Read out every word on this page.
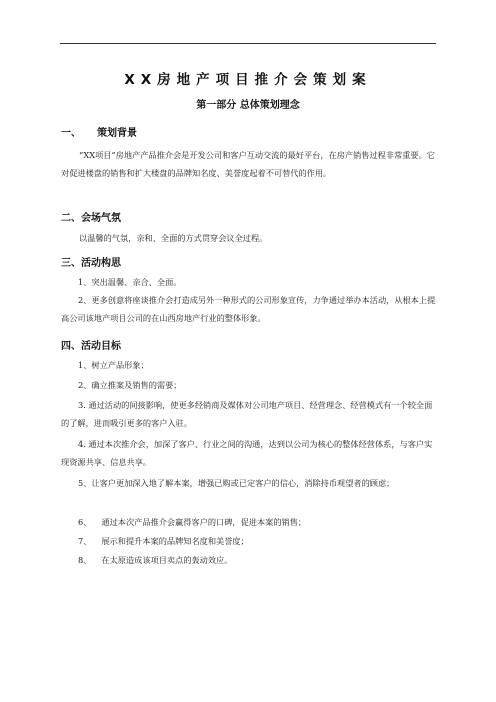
XX房地产项目推介会策划案
第一部分 总体策划理念
一、 策划背景
“XX项目”房地产产品推介会是开发公司和客户互动交流的最好平台，在房产销售过程非常重要。它对促进楼盘的销售和扩大楼盘的品牌知名度、美誉度起着不可替代的作用。
二、会场气氛
以温馨的气氛，亲和、全面的方式贯穿会议全过程。
三、活动构思
1、突出温馨、亲合、全面。
2、更多创意将座谈推介会打造成另外一种形式的公司形象宣传，力争通过举办本活动，从根本上提高公司该地产项目公司的在山西房地产行业的整体形象。
四、活动目标
1、树立产品形象；
2、确立推案及销售的需要；
3. 通过活动的间接影响，使更多经销商及媒体对公司地产项目、经营理念、经营模式有一个较全面的了解，进而吸引更多的客户入驻。
4. 通过本次推介会，加深了客户、行业之间的沟通，达到以公司为核心的整体经营体系，与客户实现资源共享、信息共享。
5、让客户更加深入地了解本案，增强已购或已定客户的信心，消除持币观望者的顾虑；
6、 通过本次产品推介会赢得客户的口碑，促进本案的销售；
7、 展示和提升本案的品牌知名度和美誉度；
8、 在太原造成该项目卖点的轰动效应。
